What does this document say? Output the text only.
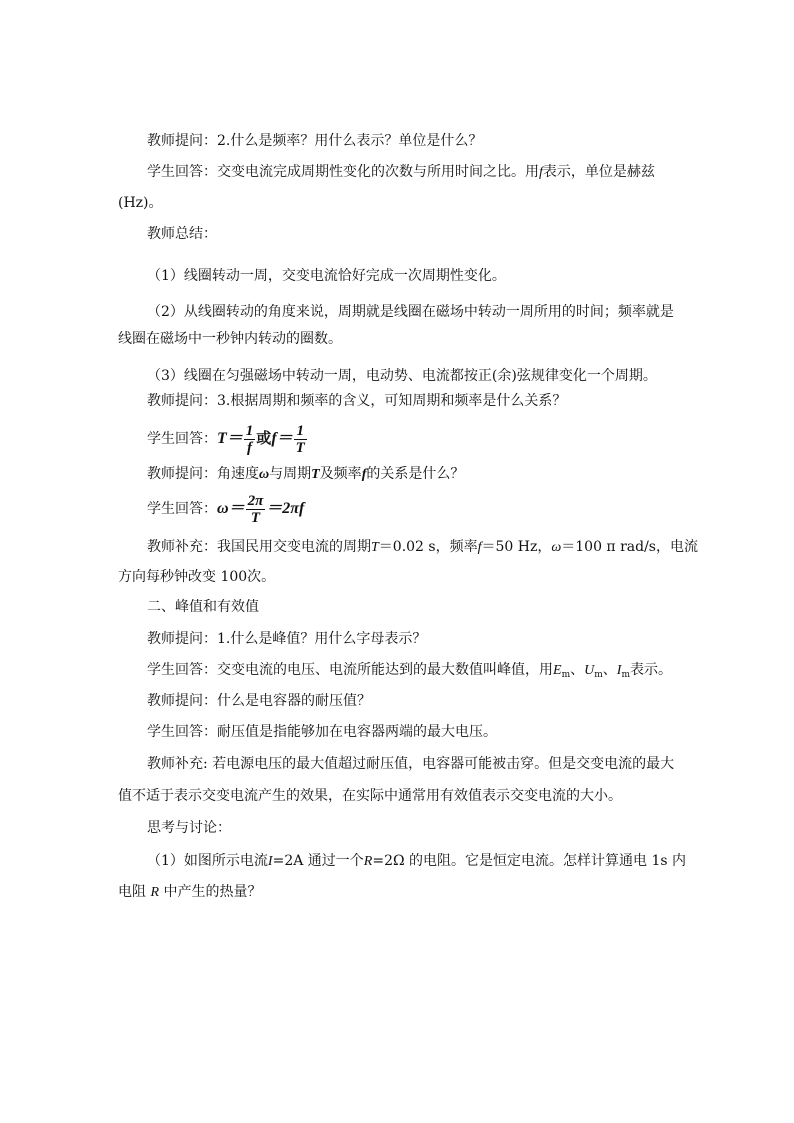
教师提问：2.什么是频率？用什么表示？单位是什么？
学生回答：交变电流完成周期性变化的次数与所用时间之比。用f表示，单位是赫兹
(Hz)。
教师总结：
（1）线圈转动一周，交变电流恰好完成一次周期性变化。
（2）从线圈转动的角度来说，周期就是线圈在磁场中转动一周所用的时间；频率就是
线圈在磁场中一秒钟内转动的圈数。
（3）线圈在匀强磁场中转动一周，电动势、电流都按正(余)弦规律变化一个周期。
教师提问：3.根据周期和频率的含义，可知周期和频率是什么关系？
学生回答：$T= \frac{1}{f}$ 或$f= \frac{1}{T}$
教师提问：角速度ω与周期T及频率f的关系是什么？
学生回答：$\omega= \frac{2\pi}{T} =2\pi f$
教师补充：我国民用交变电流的周期T＝0.02 s，频率f＝50 Hz，ω＝100 π rad/s，电流
方向每秒钟改变 100次。
二、峰值和有效值
教师提问：1.什么是峰值？用什么字母表示？
学生回答：交变电流的电压、电流所能达到的最大数值叫峰值，用$E_m$、$U_m$、$I_m$表示。
教师提问：什么是电容器的耐压值？
学生回答：耐压值是指能够加在电容器两端的最大电压。
教师补充: 若电源电压的最大值超过耐压值，电容器可能被击穿。但是交变电流的最大
值不适于表示交变电流产生的效果，在实际中通常用有效值表示交变电流的大小。
思考与讨论：
（1）如图所示电流I=2A 通过一个R=2Ω 的电阻。它是恒定电流。怎样计算通电 1s 内
电阻 R 中产生的热量？
